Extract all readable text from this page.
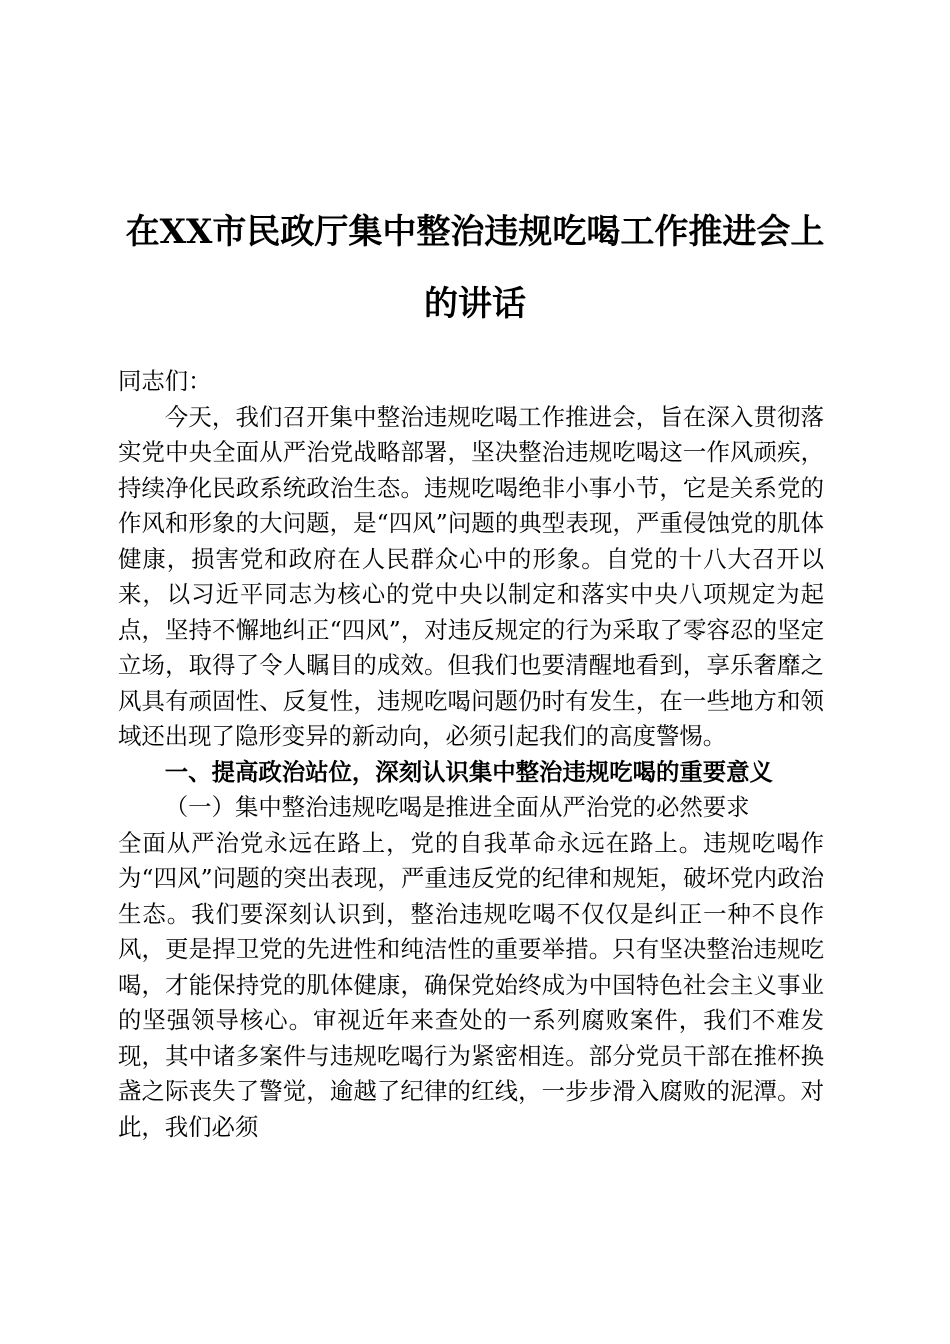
在XX市民政厅集中整治违规吃喝工作推进会上的讲话

同志们：

今天，我们召开集中整治违规吃喝工作推进会，旨在深入贯彻落实党中央全面从严治党战略部署，坚决整治违规吃喝这一作风顽疾，持续净化民政系统政治生态。违规吃喝绝非小事小节，它是关系党的作风和形象的大问题，是“四风”问题的典型表现，严重侵蚀党的肌体健康，损害党和政府在人民群众心中的形象。自党的十八大召开以来，以习近平同志为核心的党中央以制定和落实中央八项规定为起点，坚持不懈地纠正“四风”，对违反规定的行为采取了零容忍的坚定立场，取得了令人瞩目的成效。但我们也要清醒地看到，享乐奢靡之风具有顽固性、反复性，违规吃喝问题仍时有发生，在一些地方和领域还出现了隐形变异的新动向，必须引起我们的高度警惕。

一、提高政治站位，深刻认识集中整治违规吃喝的重要意义

（一）集中整治违规吃喝是推进全面从严治党的必然要求

全面从严治党永远在路上，党的自我革命永远在路上。违规吃喝作为“四风”问题的突出表现，严重违反党的纪律和规矩，破坏党内政治生态。我们要深刻认识到，整治违规吃喝不仅仅是纠正一种不良作风，更是捍卫党的先进性和纯洁性的重要举措。只有坚决整治违规吃喝，才能保持党的肌体健康，确保党始终成为中国特色社会主义事业的坚强领导核心。审视近年来查处的一系列腐败案件，我们不难发现，其中诸多案件与违规吃喝行为紧密相连。部分党员干部在推杯换盏之际丧失了警觉，逾越了纪律的红线，一步步滑入腐败的泥潭。对此，我们必须
